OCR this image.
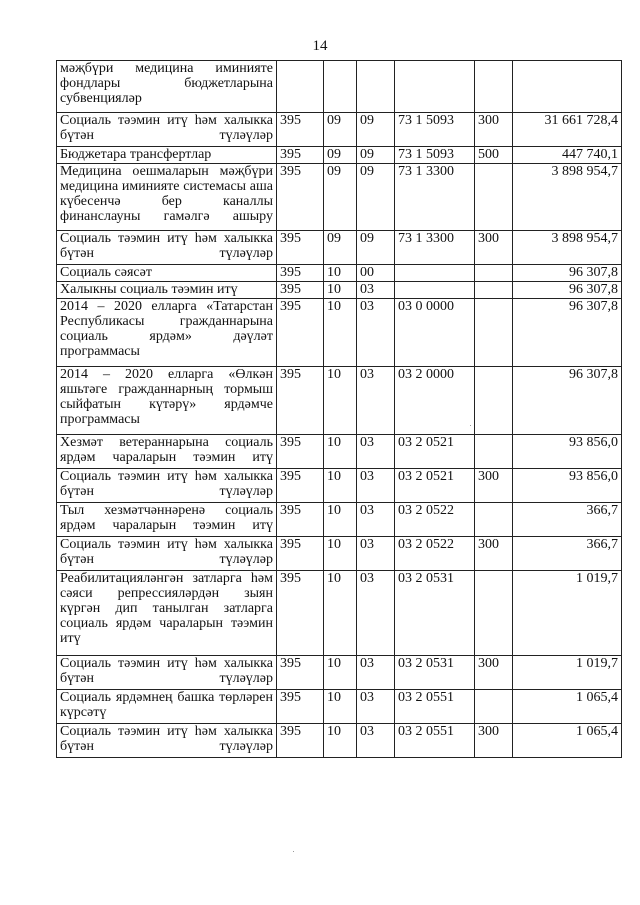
14
мәҗбүри медицина иминияте фондлары бюджетларына субвенцияләр						
Социаль тәэмин итү һәм халыкка бүтән түләүләр	395	09	09	73 1 5093	300	31 661 728,4
Бюджетара трансфертлар	395	09	09	73 1 5093	500	447 740,1
Медицина оешмаларын мәҗбүри медицина иминияте системасы аша күбесенчә бер каналлы финанслауны гамәлгә ашыру	395	09	09	73 1 3300		3 898 954,7
Социаль тәэмин итү һәм халыкка бүтән түләүләр	395	09	09	73 1 3300	300	3 898 954,7
Социаль сәясәт	395	10	00			96 307,8
Халыкны социаль тәэмин итү	395	10	03			96 307,8
2014 – 2020 елларга «Татарстан Республикасы гражданнарына социаль ярдәм» дәүләт программасы	395	10	03	03 0 0000		96 307,8
2014 – 2020 елларга «Өлкән яшьтәге гражданнарның тормыш сыйфатын күтәрү» ярдәмче программасы	395	10	03	03 2 0000		96 307,8
Хезмәт ветераннарына социаль ярдәм чараларын тәэмин итү	395	10	03	03 2 0521		93 856,0
Социаль тәэмин итү һәм халыкка бүтән түләүләр	395	10	03	03 2 0521	300	93 856,0
Тыл хезмәтчәннәренә социаль ярдәм чараларын тәэмин итү	395	10	03	03 2 0522		366,7
Социаль тәэмин итү һәм халыкка бүтән түләүләр	395	10	03	03 2 0522	300	366,7
Реабилитацияләнгән затларга һәм сәяси репрессияләрдән зыян күргән дип танылган затларга социаль ярдәм чараларын тәэмин итү	395	10	03	03 2 0531		1 019,7
Социаль тәэмин итү һәм халыкка бүтән түләүләр	395	10	03	03 2 0531	300	1 019,7
Социаль ярдәмнең башка төрләрен күрсәтү	395	10	03	03 2 0551		1 065,4
Социаль тәэмин итү һәм халыкка бүтән түләүләр	395	10	03	03 2 0551	300	1 065,4
